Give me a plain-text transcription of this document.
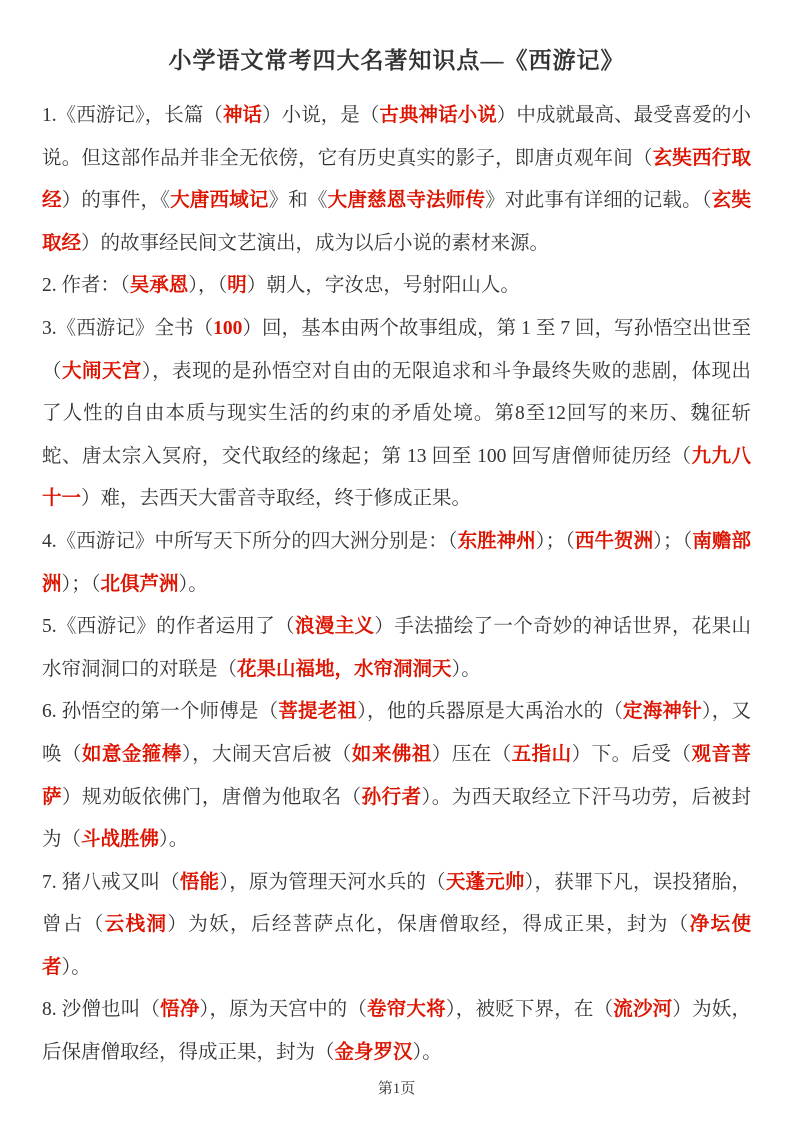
小学语文常考四大名著知识点—《西游记》

1.《西游记》，长篇（神话）小说，是（古典神话小说）中成就最高、最受喜爱的小说。但这部作品并非全无依傍，它有历史真实的影子，即唐贞观年间（玄奘西行取经）的事件，《大唐西域记》和《大唐慈恩寺法师传》对此事有详细的记载。（玄奘取经）的故事经民间文艺演出，成为以后小说的素材来源。

2. 作者：（吴承恩），（明）朝人，字汝忠，号射阳山人。

3.《西游记》全书（100）回，基本由两个故事组成，第 1 至 7 回，写孙悟空出世至（大闹天宫），表现的是孙悟空对自由的无限追求和斗争最终失败的悲剧，体现出了人性的自由本质与现实生活的约束的矛盾处境。第8至12回写的来历、魏征斩蛇、唐太宗入冥府，交代取经的缘起；第 13 回至 100 回写唐僧师徒历经（九九八十一）难，去西天大雷音寺取经，终于修成正果。

4.《西游记》中所写天下所分的四大洲分别是：（东胜神州）；（西牛贺洲）；（南赡部洲）；（北俱芦洲）。

5.《西游记》的作者运用了（浪漫主义）手法描绘了一个奇妙的神话世界，花果山水帘洞洞口的对联是（花果山福地，水帘洞洞天）。

6. 孙悟空的第一个师傅是（菩提老祖），他的兵器原是大禹治水的（定海神针），又唤（如意金箍棒），大闹天宫后被（如来佛祖）压在（五指山）下。后受（观音菩萨）规劝皈依佛门，唐僧为他取名（孙行者）。为西天取经立下汗马功劳，后被封为（斗战胜佛）。

7. 猪八戒又叫（悟能），原为管理天河水兵的（天蓬元帅），获罪下凡，误投猪胎，曾占（云栈洞）为妖，后经菩萨点化，保唐僧取经，得成正果，封为（净坛使者）。

8. 沙僧也叫（悟净），原为天宫中的（卷帘大将），被贬下界，在（流沙河）为妖，后保唐僧取经，得成正果，封为（金身罗汉）。

第1页
